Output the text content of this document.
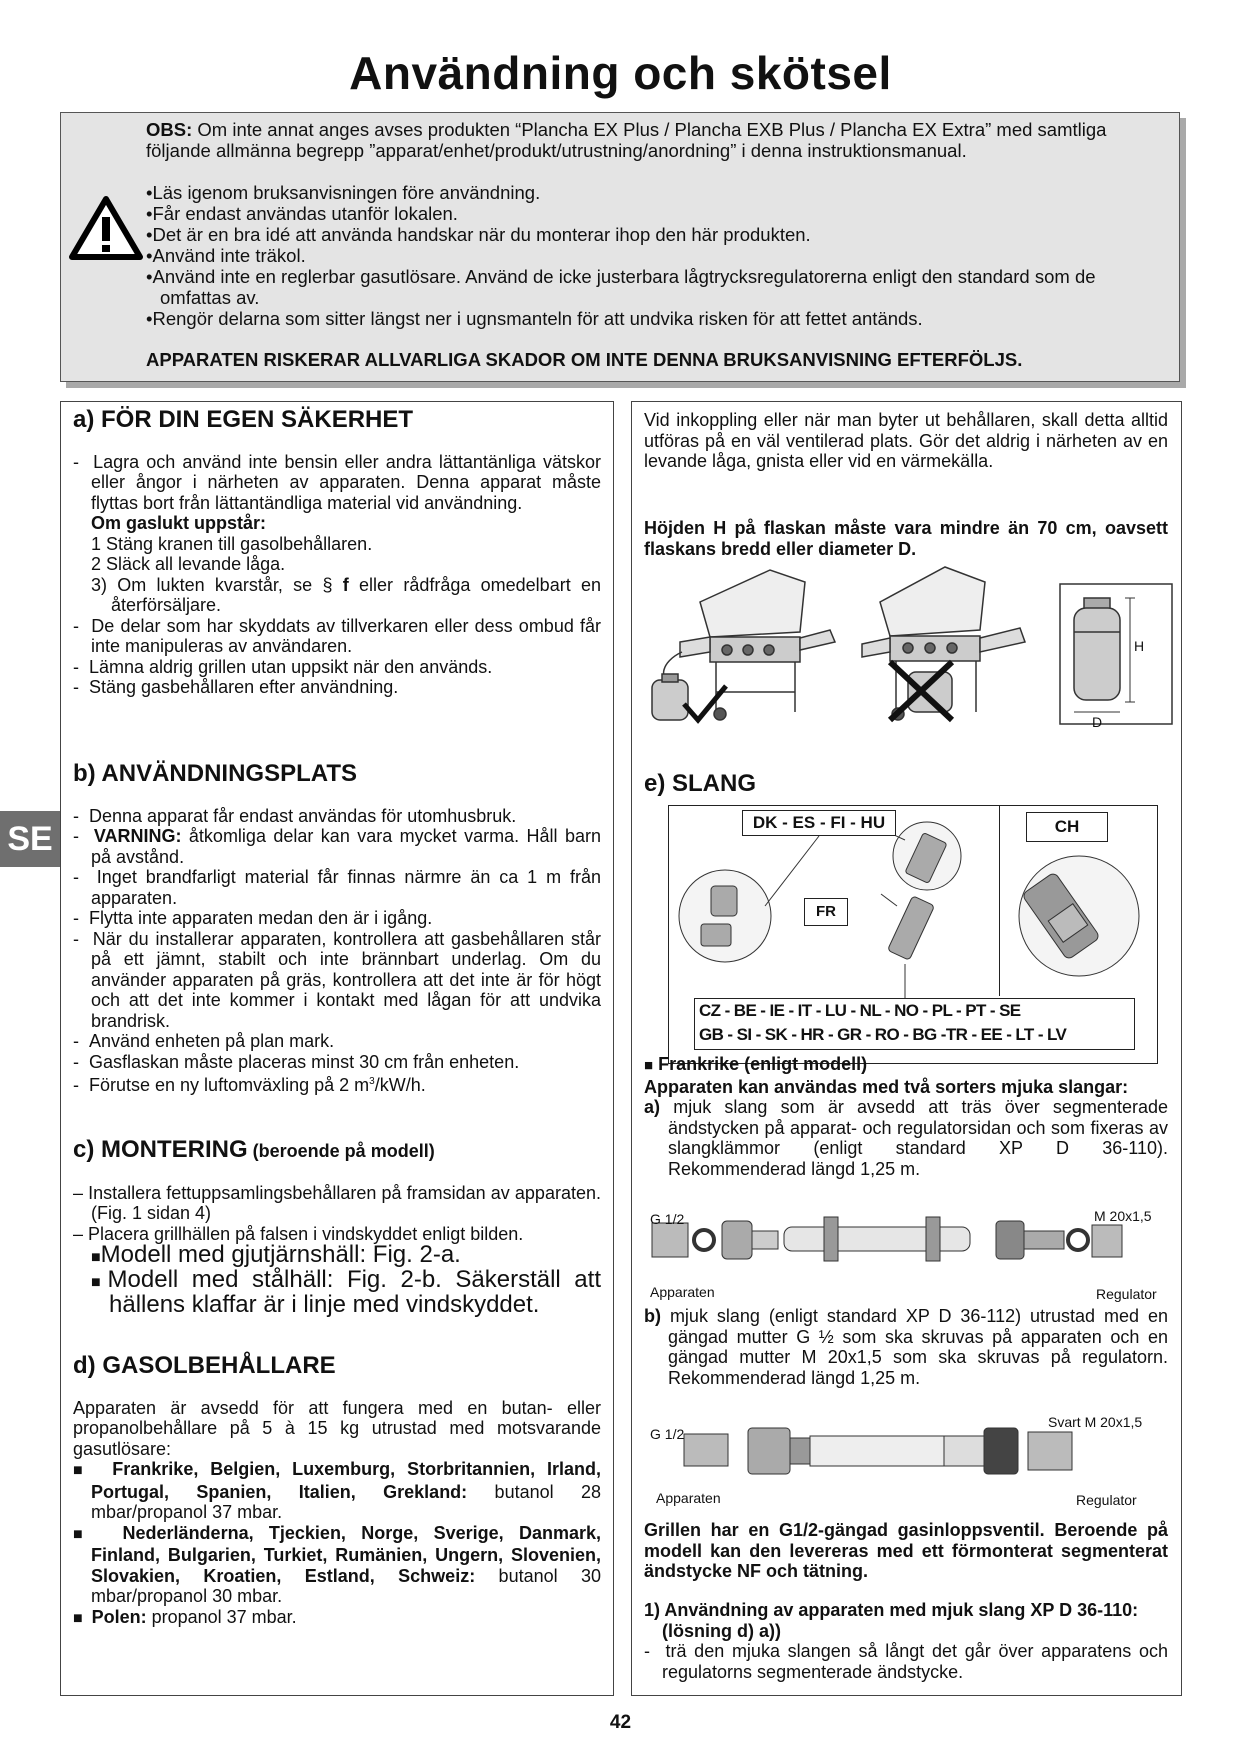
Användning och skötsel
OBS: Om inte annat anges avses produkten “Plancha EX Plus / Plancha EXB Plus / Plancha EX Extra” med samtliga följande allmänna begrepp ”apparat/enhet/produkt/utrustning/anordning” i denna instruktionsmanual.
• Läs igenom bruksanvisningen före användning.
• Får endast användas utanför lokalen.
• Det är en bra idé att använda handskar när du monterar ihop den här produkten.
• Använd inte träkol.
• Använd inte en reglerbar gasutlösare. Använd de icke justerbara lågtrycksregulatorerna enligt den standard som de omfattas av.
• Rengör delarna som sitter längst ner i ugnsmanteln för att undvika risken för att fettet antänds.
APPARATEN RISKERAR ALLVARLIGA SKADOR OM INTE DENNA BRUKSANVISNING EFTERFÖLJS.
SE
a) FÖR DIN EGEN SÄKERHET
-  Lagra och använd inte bensin eller andra lättantänliga vätskor eller ångor i närheten av apparaten. Denna apparat måste flyttas bort från lättantändliga material vid användning.
Om gaslukt uppstår:
1 Stäng kranen till gasolbehållaren.
2 Släck all levande låga.
3) Om lukten kvarstår, se § f eller rådfråga omedelbart en återförsäljare.
-  De delar som har skyddats av tillverkaren eller dess ombud får inte manipuleras av användaren.
-  Lämna aldrig grillen utan uppsikt när den används.
-  Stäng gasbehållaren efter användning.
b) ANVÄNDNINGSPLATS
-  Denna apparat får endast användas för utomhusbruk.
-  VARNING: åtkomliga delar kan vara mycket varma. Håll barn på avstånd.
-  Inget brandfarligt material får finnas närmre än ca 1 m från apparaten.
-  Flytta inte apparaten medan den är i igång.
-  När du installerar apparaten, kontrollera att gasbehållaren står på ett jämnt, stabilt och inte brännbart underlag. Om du använder apparaten på gräs, kontrollera att det inte är för högt och att det inte kommer i kontakt med lågan för att undvika brandrisk.
-  Använd enheten på plan mark.
-  Gasflaskan måste placeras minst 30 cm från enheten.
-  Förutse en ny luftomväxling på 2 $m^3/kW/h$.
c) MONTERING (beroende på modell)
– Installera fettuppsamlingsbehållaren på framsidan av apparaten. (Fig. 1 sidan 4)
– Placera grillhällen på falsen i vindskyddet enligt bilden.
■Modell med gjutjärnshäll: Fig. 2-a.
■Modell med stålhäll: Fig. 2-b. Säkerställ att hällens klaffar är i linje med vindskyddet.
d) GASOLBEHÅLLARE
Apparaten är avsedd för att fungera med en butan- eller propanolbehållare på 5 à 15 kg utrustad med motsvarande gasutlösare:
■  Frankrike, Belgien, Luxemburg, Storbritannien, Irland, Portugal, Spanien, Italien, Grekland: butanol 28 mbar/propanol 37 mbar.
■  Nederländerna, Tjeckien, Norge, Sverige, Danmark, Finland, Bulgarien, Turkiet, Rumänien, Ungern, Slovenien, Slovakien, Kroatien, Estland, Schweiz: butanol 30 mbar/propanol 30 mbar.
■  Polen: propanol 37 mbar.
Vid inkoppling eller när man byter ut behållaren, skall detta alltid utföras på en väl ventilerad plats. Gör det aldrig i närheten av en levande låga, gnista eller vid en värmekälla.
Höjden H på flaskan måste vara mindre än 70 cm, oavsett flaskans bredd eller diameter D.
H
D
e) SLANG
DK - ES - FI - HU	CH
FR
CZ - BE - IE - IT - LU - NL - NO - PL - PT - SE
GB - SI - SK - HR - GR - RO - BG -TR - EE - LT - LV
■ Frankrike (enligt modell)
Apparaten kan användas med två sorters mjuka slangar:
a) mjuk slang som är avsedd att träs över segmenterade ändstycken på apparat- och regulatorsidan och som fixeras av slangklämmor (enligt standard XP D 36-110). Rekommenderad längd 1,25 m.
G 1/2	M 20x1,5
Apparaten	Regulator
b) mjuk slang (enligt standard XP D 36-112) utrustad med en gängad mutter G ½ som ska skruvas på apparaten och en gängad mutter M 20x1,5 som ska skruvas på regulatorn. Rekommenderad längd 1,25 m.
G 1/2
Svart M 20x1,5
Apparaten	Regulator
Grillen har en G1/2-gängad gasinloppsventil. Beroende på modell kan den levereras med ett förmonterat segmenterat ändstycke NF och tätning.
1) Användning av apparaten med mjuk slang XP D 36-110: (lösning d) a))
-  trä den mjuka slangen så långt det går över apparatens och regulatorns segmenterade ändstycke.
42
